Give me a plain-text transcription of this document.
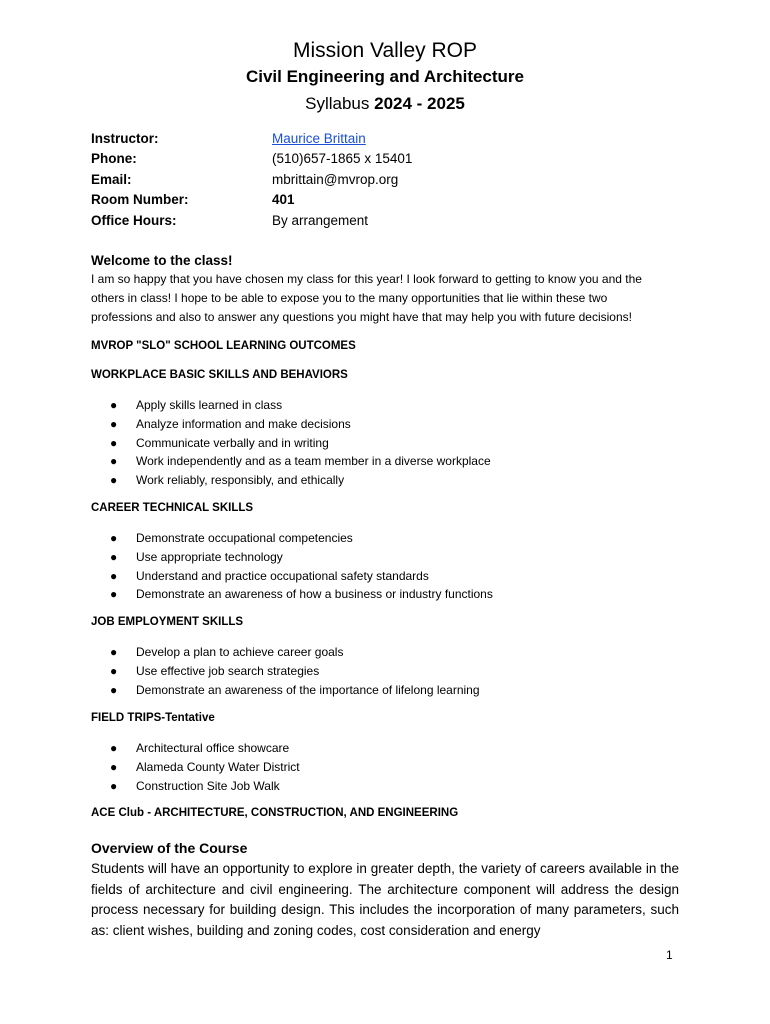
Mission Valley ROP
Civil Engineering and Architecture
Syllabus 2024 - 2025
Instructor:	Maurice Brittain
Phone:	(510)657-1865 x 15401
Email:	mbrittain@mvrop.org
Room Number:	401
Office Hours:	By arrangement
Welcome to the class!
I am so happy that you have chosen my class for this year! I look forward to getting to know you and the
others in class! I hope to be able to expose you to the many opportunities that lie within these two
professions and also to answer any questions you might have that may help you with future decisions!
MVROP "SLO" SCHOOL LEARNING OUTCOMES
WORKPLACE BASIC SKILLS AND BEHAVIORS
● Apply skills learned in class
● Analyze information and make decisions
● Communicate verbally and in writing
● Work independently and as a team member in a diverse workplace
● Work reliably, responsibly, and ethically
CAREER TECHNICAL SKILLS
● Demonstrate occupational competencies
● Use appropriate technology
● Understand and practice occupational safety standards
● Demonstrate an awareness of how a business or industry functions
JOB EMPLOYMENT SKILLS
● Develop a plan to achieve career goals
● Use effective job search strategies
● Demonstrate an awareness of the importance of lifelong learning
FIELD TRIPS-Tentative
● Architectural office showcare
● Alameda County Water District
● Construction Site Job Walk
ACE Club - ARCHITECTURE, CONSTRUCTION, AND ENGINEERING
Overview of the Course
Students will have an opportunity to explore in greater depth, the variety of careers available in the fields of architecture and civil engineering. The architecture component will address the design process necessary for building design. This includes the incorporation of many parameters, such as: client wishes, building and zoning codes, cost consideration and energy
1
